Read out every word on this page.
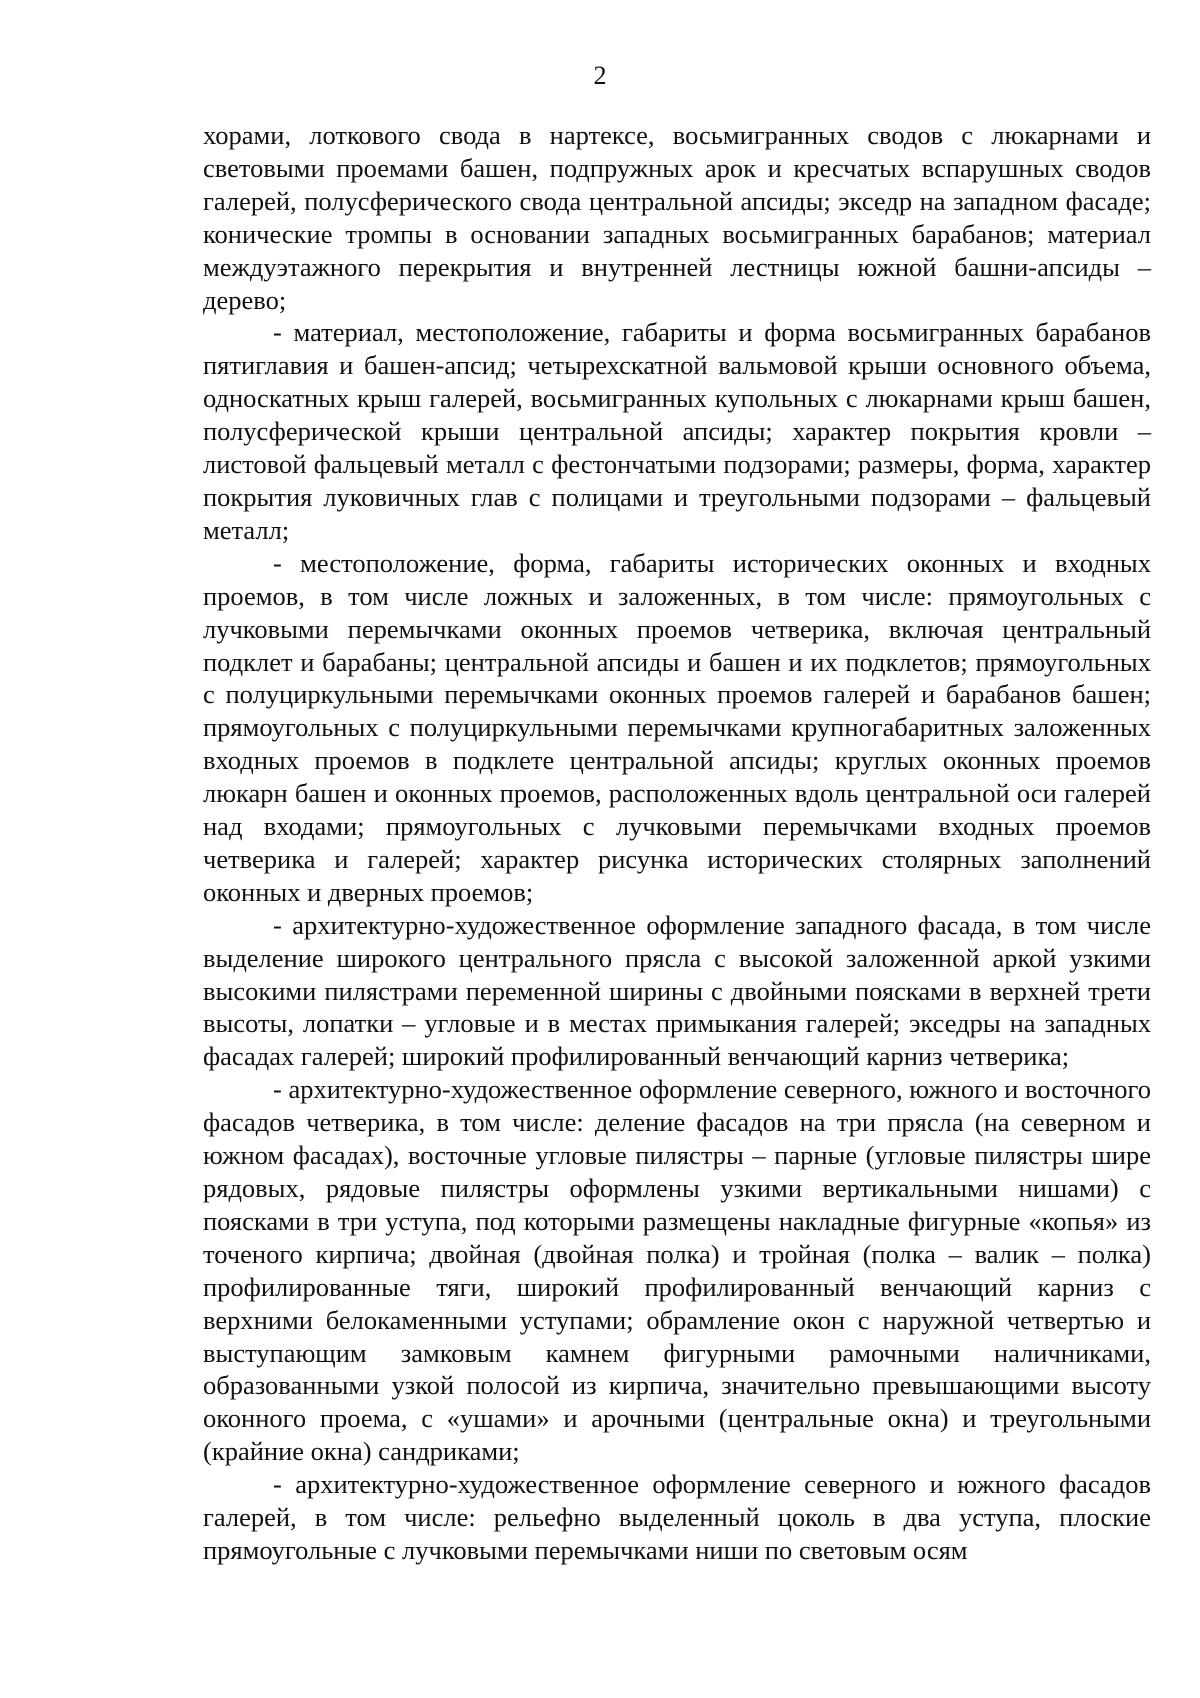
2

хорами, лоткового свода в нартексе, восьмигранных сводов с люкарнами и световыми проемами башен, подпружных арок и кресчатых вспарушных сводов галерей, полусферического свода центральной апсиды; экседр на западном фасаде; конические тромпы в основании западных восьмигранных барабанов; материал междуэтажного перекрытия и внутренней лестницы южной башни-апсиды – дерево;

- материал, местоположение, габариты и форма восьмигранных барабанов пятиглавия и башен-апсид; четырехскатной вальмовой крыши основного объема, односкатных крыш галерей, восьмигранных купольных с люкарнами крыш башен, полусферической крыши центральной апсиды; характер покрытия кровли – листовой фальцевый металл с фестончатыми подзорами; размеры, форма, характер покрытия луковичных глав с полицами и треугольными подзорами – фальцевый металл;

- местоположение, форма, габариты исторических оконных и входных проемов, в том числе ложных и заложенных, в том числе: прямоугольных с лучковыми перемычками оконных проемов четверика, включая центральный подклет и барабаны; центральной апсиды и башен и их подклетов; прямоугольных с полуциркульными перемычками оконных проемов галерей и барабанов башен; прямоугольных с полуциркульными перемычками крупногабаритных заложенных входных проемов в подклете центральной апсиды; круглых оконных проемов люкарн башен и оконных проемов, расположенных вдоль центральной оси галерей над входами; прямоугольных с лучковыми перемычками входных проемов четверика и галерей; характер рисунка исторических столярных заполнений оконных и дверных проемов;

- архитектурно-художественное оформление западного фасада, в том числе выделение широкого центрального прясла с высокой заложенной аркой узкими высокими пилястрами переменной ширины с двойными поясками в верхней трети высоты, лопатки – угловые и в местах примыкания галерей; экседры на западных фасадах галерей; широкий профилированный венчающий карниз четверика;

- архитектурно-художественное оформление северного, южного и восточного фасадов четверика, в том числе: деление фасадов на три прясла (на северном и южном фасадах), восточные угловые пилястры – парные (угловые пилястры шире рядовых, рядовые пилястры оформлены узкими вертикальными нишами) с поясками в три уступа, под которыми размещены накладные фигурные «копья» из точеного кирпича; двойная (двойная полка) и тройная (полка – валик – полка) профилированные тяги, широкий профилированный венчающий карниз с верхними белокаменными уступами; обрамление окон с наружной четвертью и выступающим замковым камнем фигурными рамочными наличниками, образованными узкой полосой из кирпича, значительно превышающими высоту оконного проема, с «ушами» и арочными (центральные окна) и треугольными (крайние окна) сандриками;

- архитектурно-художественное оформление северного и южного фасадов галерей, в том числе: рельефно выделенный цоколь в два уступа, плоские прямоугольные с лучковыми перемычками ниши по световым осям
